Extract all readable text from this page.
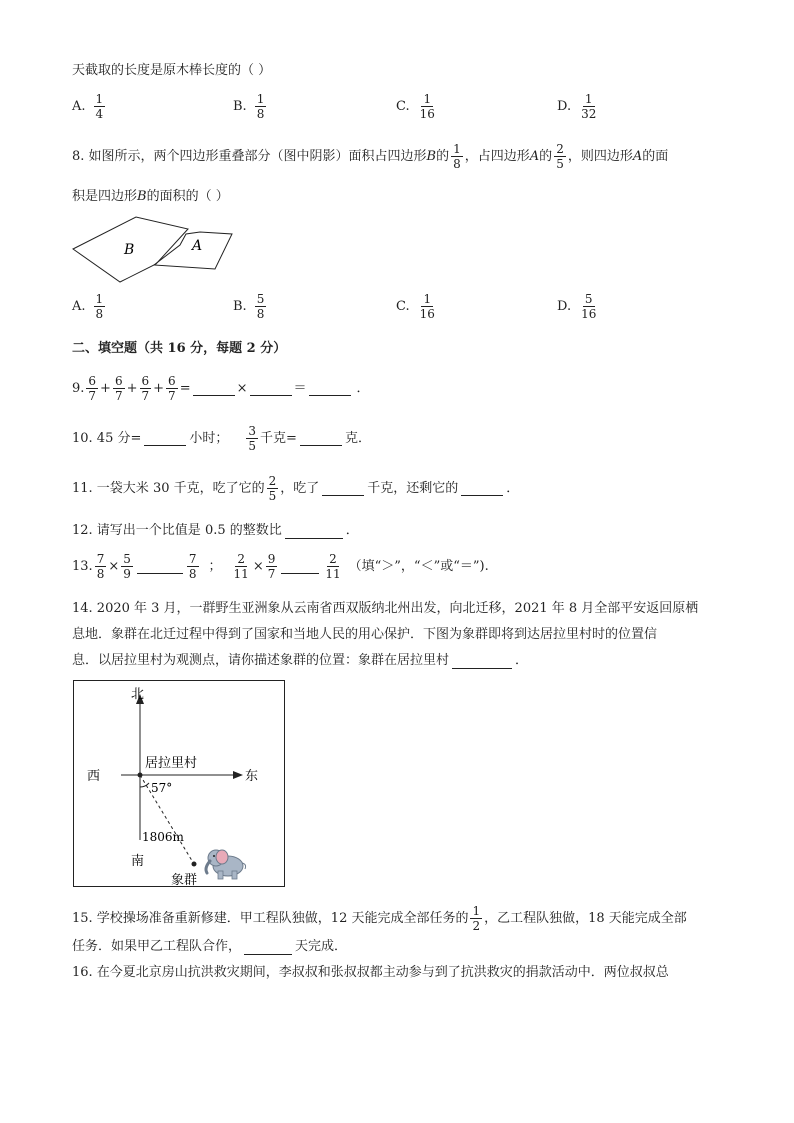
天截取的长度是原木棒长度的（ ）
A. $\frac{1}{4}$	B. $\frac{1}{8}$	C. $\frac{1}{16}$	D. $\frac{1}{32}$
8. 如图所示，两个四边形重叠部分（图中阴影）面积占四边形 B 的 $\frac{1}{8}$ ，占四边形 A 的 $\frac{2}{5}$ ，则四边形 A 的面
积是四边形B的面积的（ ）
B	A
A. $\frac{1}{8}$	B. $\frac{5}{8}$	C. $\frac{1}{16}$	D. $\frac{5}{16}$
二、填空题（共 16 分，每题 2 分）
9. $\frac{6}{7} + \frac{6}{7} + \frac{6}{7} + \frac{6}{7}$ =	×	＝	．
10. 45 分=	小时； $\frac{3}{5}$ 千克=	克．
11. 一袋大米 30 千克，吃了它的 $\frac{2}{5}$ ，吃了	千克，还剩它的	．
12. 请写出一个比值是 0.5 的整数比	．
13. $\frac{7}{8} \times \frac{5}{9}$	$\frac{7}{8}$ ； $\frac{2}{11} \times \frac{9}{7}$	$\frac{2}{11}$ （填“＞”，“＜”或“＝”).
14. 2020 年 3 月，一群野生亚洲象从云南省西双版纳北州出发，向北迁移，2021 年 8 月全部平安返回原栖
息地．象群在北迁过程中得到了国家和当地人民的用心保护．下图为象群即将到达居拉里村时的位置信
息．以居拉里村为观测点，请你描述象群的位置：象群在居拉里村	．
北
南
西	东
居拉里村
57°
1806m
象群
15. 学校操场准备重新修建．甲工程队独做，12 天能完成全部任务的 $\frac{1}{2}$ ，乙工程队独做，18 天能完成全部
任务．如果甲乙工程队合作，	天完成．
16. 在今夏北京房山抗洪救灾期间，李叔叔和张叔叔都主动参与到了抗洪救灾的捐款活动中．两位叔叔总
